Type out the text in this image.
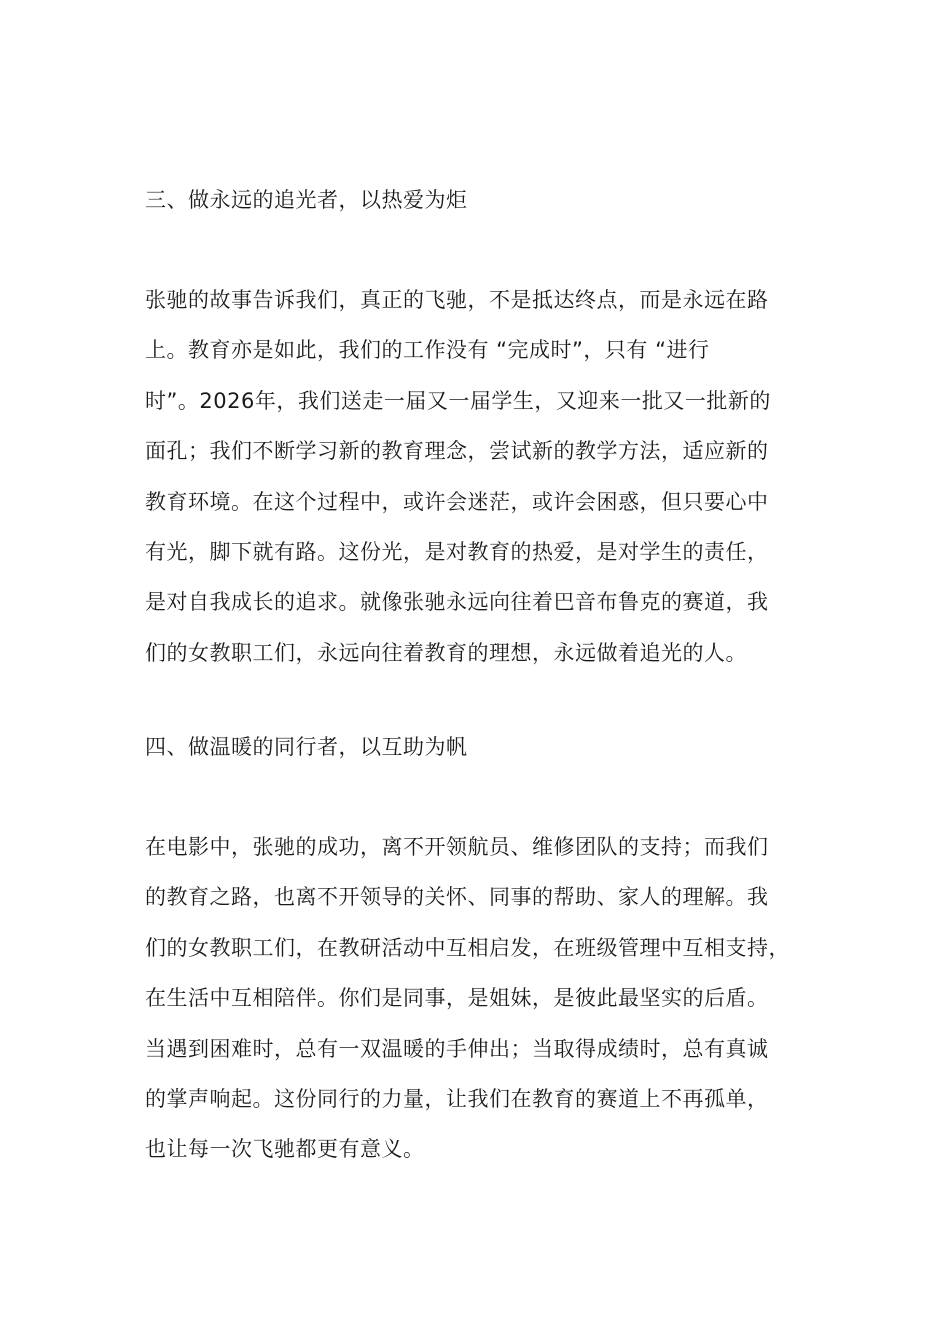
三、做永远的追光者，以热爱为炬

张驰的故事告诉我们，真正的飞驰，不是抵达终点，而是永远在路
上。教育亦是如此，我们的工作没有 “完成时”，只有 “进行
时”。2026年，我们送走一届又一届学生，又迎来一批又一批新的
面孔；我们不断学习新的教育理念，尝试新的教学方法，适应新的
教育环境。在这个过程中，或许会迷茫，或许会困惑，但只要心中
有光，脚下就有路。这份光，是对教育的热爱，是对学生的责任，
是对自我成长的追求。就像张驰永远向往着巴音布鲁克的赛道，我
们的女教职工们，永远向往着教育的理想，永远做着追光的人。

四、做温暖的同行者，以互助为帆

在电影中，张驰的成功，离不开领航员、维修团队的支持；而我们
的教育之路，也离不开领导的关怀、同事的帮助、家人的理解。我
们的女教职工们，在教研活动中互相启发，在班级管理中互相支持，
在生活中互相陪伴。你们是同事，是姐妹，是彼此最坚实的后盾。
当遇到困难时，总有一双温暖的手伸出；当取得成绩时，总有真诚
的掌声响起。这份同行的力量，让我们在教育的赛道上不再孤单，
也让每一次飞驰都更有意义。
